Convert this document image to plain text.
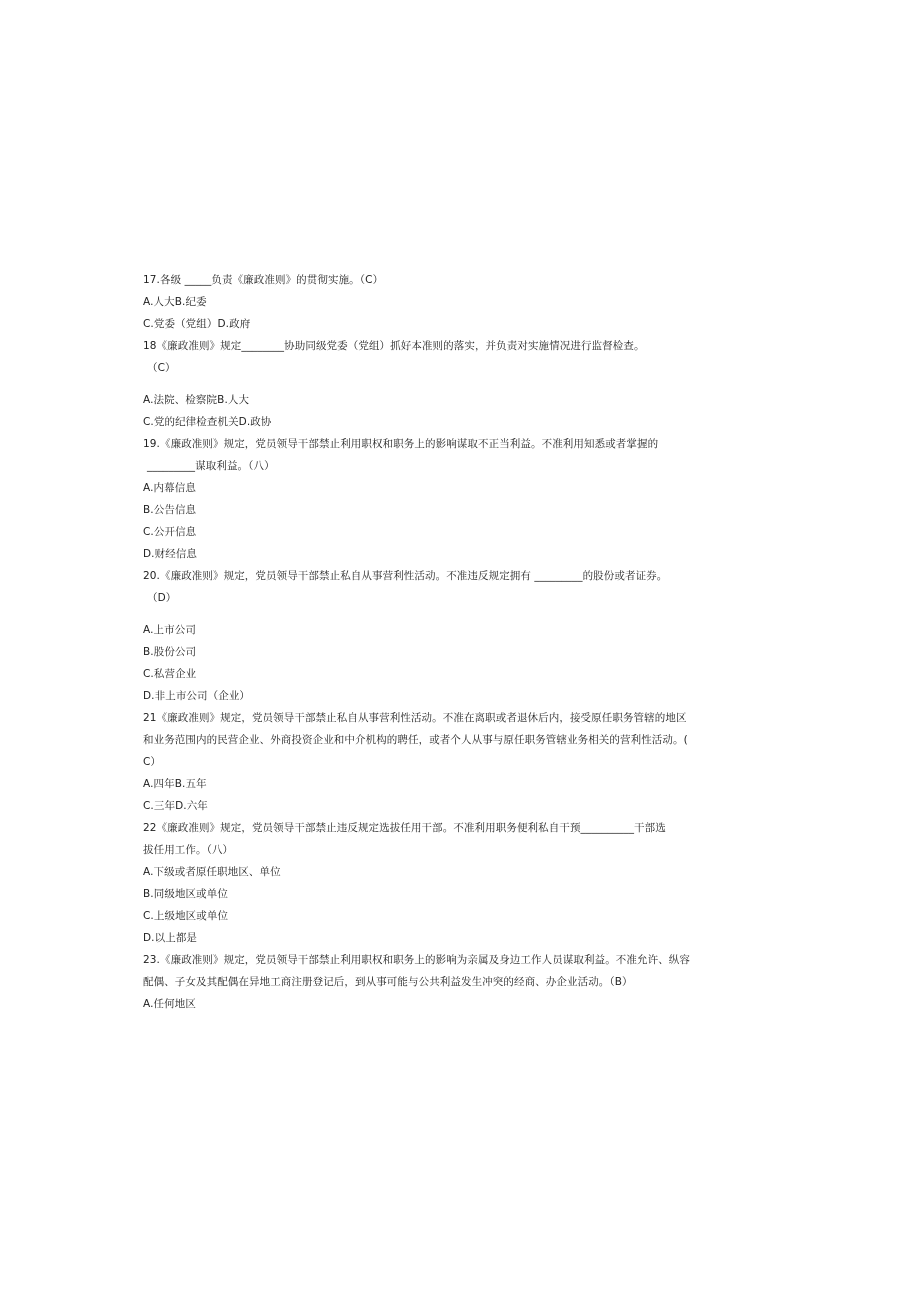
17.各级 _____负责《廉政准则》的贯彻实施。（C）
A.人大B.纪委
C.党委（党组）D.政府
18《廉政准则》规定________协助同级党委（党组）抓好本准则的落实，并负责对实施情况进行监督检查。
（C）
A.法院、检察院B.人大
C.党的纪律检查机关D.政协
19.《廉政准则》规定，党员领导干部禁止利用职权和职务上的影响谋取不正当利益。不准利用知悉或者掌握的
_________谋取利益。（八）
A.内幕信息
B.公告信息
C.公开信息
D.财经信息
20.《廉政准则》规定，党员领导干部禁止私自从事营利性活动。不准违反规定拥有 _________的股份或者证券。
（D）
A.上市公司
B.股份公司
C.私营企业
D.非上市公司（企业）
21《廉政准则》规定，党员领导干部禁止私自从事营利性活动。不准在离职或者退休后内，接受原任职务管辖的地区
和业务范围内的民营企业、外商投资企业和中介机构的聘任，或者个人从事与原任职务管辖业务相关的营利性活动。(
C）
A.四年B.五年
C.三年D.六年
22《廉政准则》规定，党员领导干部禁止违反规定选拔任用干部。不准利用职务便利私自干预__________干部选
拔任用工作。（八）
A.下级或者原任职地区、单位
B.同级地区或单位
C.上级地区或单位
D.以上都是
23.《廉政准则》规定，党员领导干部禁止利用职权和职务上的影响为亲属及身边工作人员谋取利益。不准允许、纵容
配偶、子女及其配偶在异地工商注册登记后，到从事可能与公共利益发生冲突的经商、办企业活动。（B）
A.任何地区
